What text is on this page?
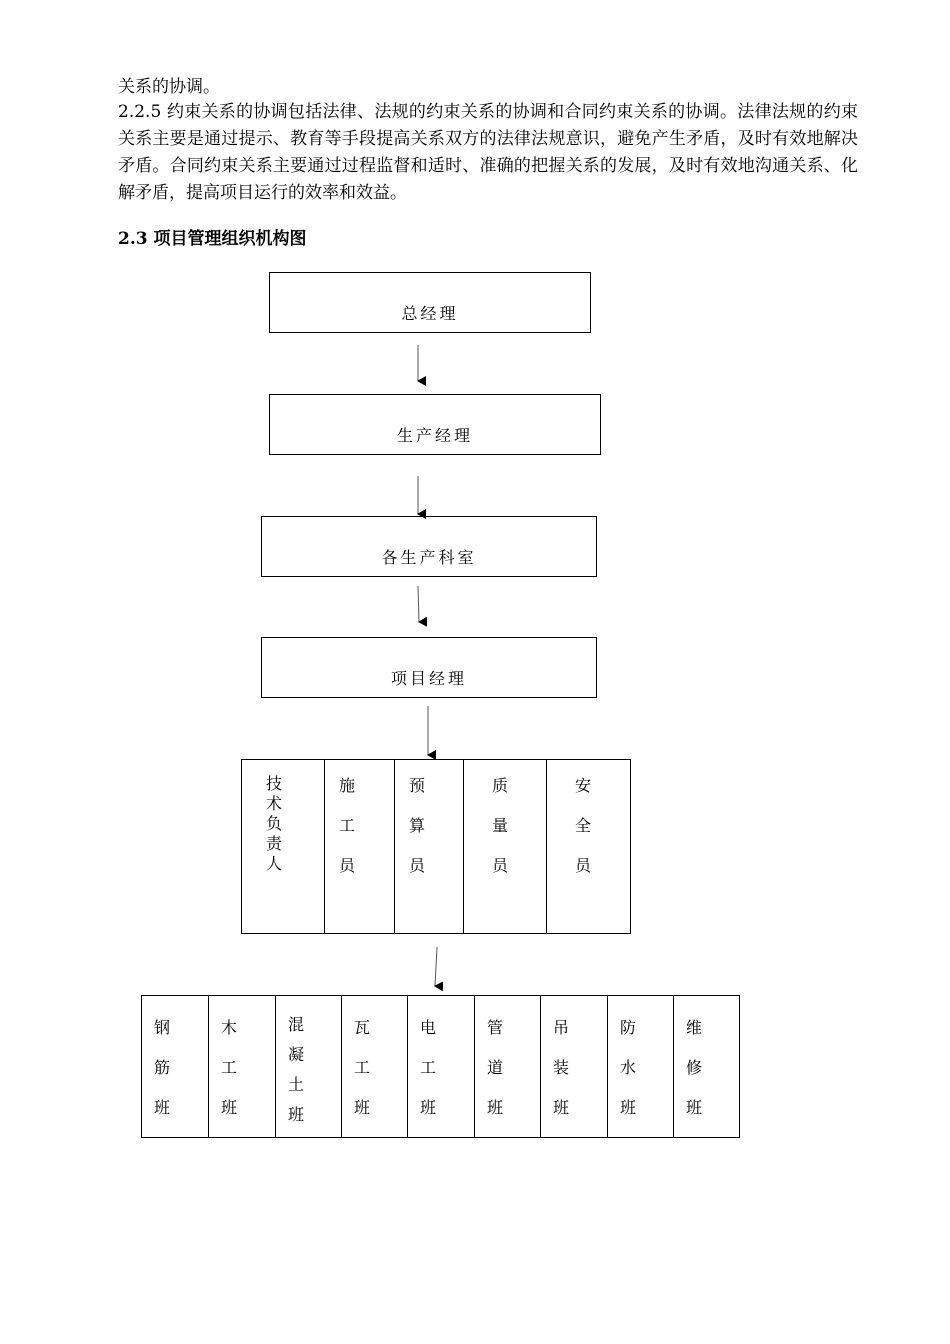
关系的协调。

2.2.5 约束关系的协调包括法律、法规的约束关系的协调和合同约束关系的协调。法律法规的约束关系主要是通过提示、教育等手段提高关系双方的法律法规意识，避免产生矛盾，及时有效地解决矛盾。合同约束关系主要通过过程监督和适时、准确的把握关系的发展，及时有效地沟通关系、化解矛盾，提高项目运行的效率和效益。

2.3 项目管理组织机构图
总经理
生产经理
各生产科室
项目经理
技术负责人
施工员
预算员
质量员
安全员
钢筋班
木工班
混凝土班
瓦工班
电工班
管道班
吊装班
防水班
维修班
